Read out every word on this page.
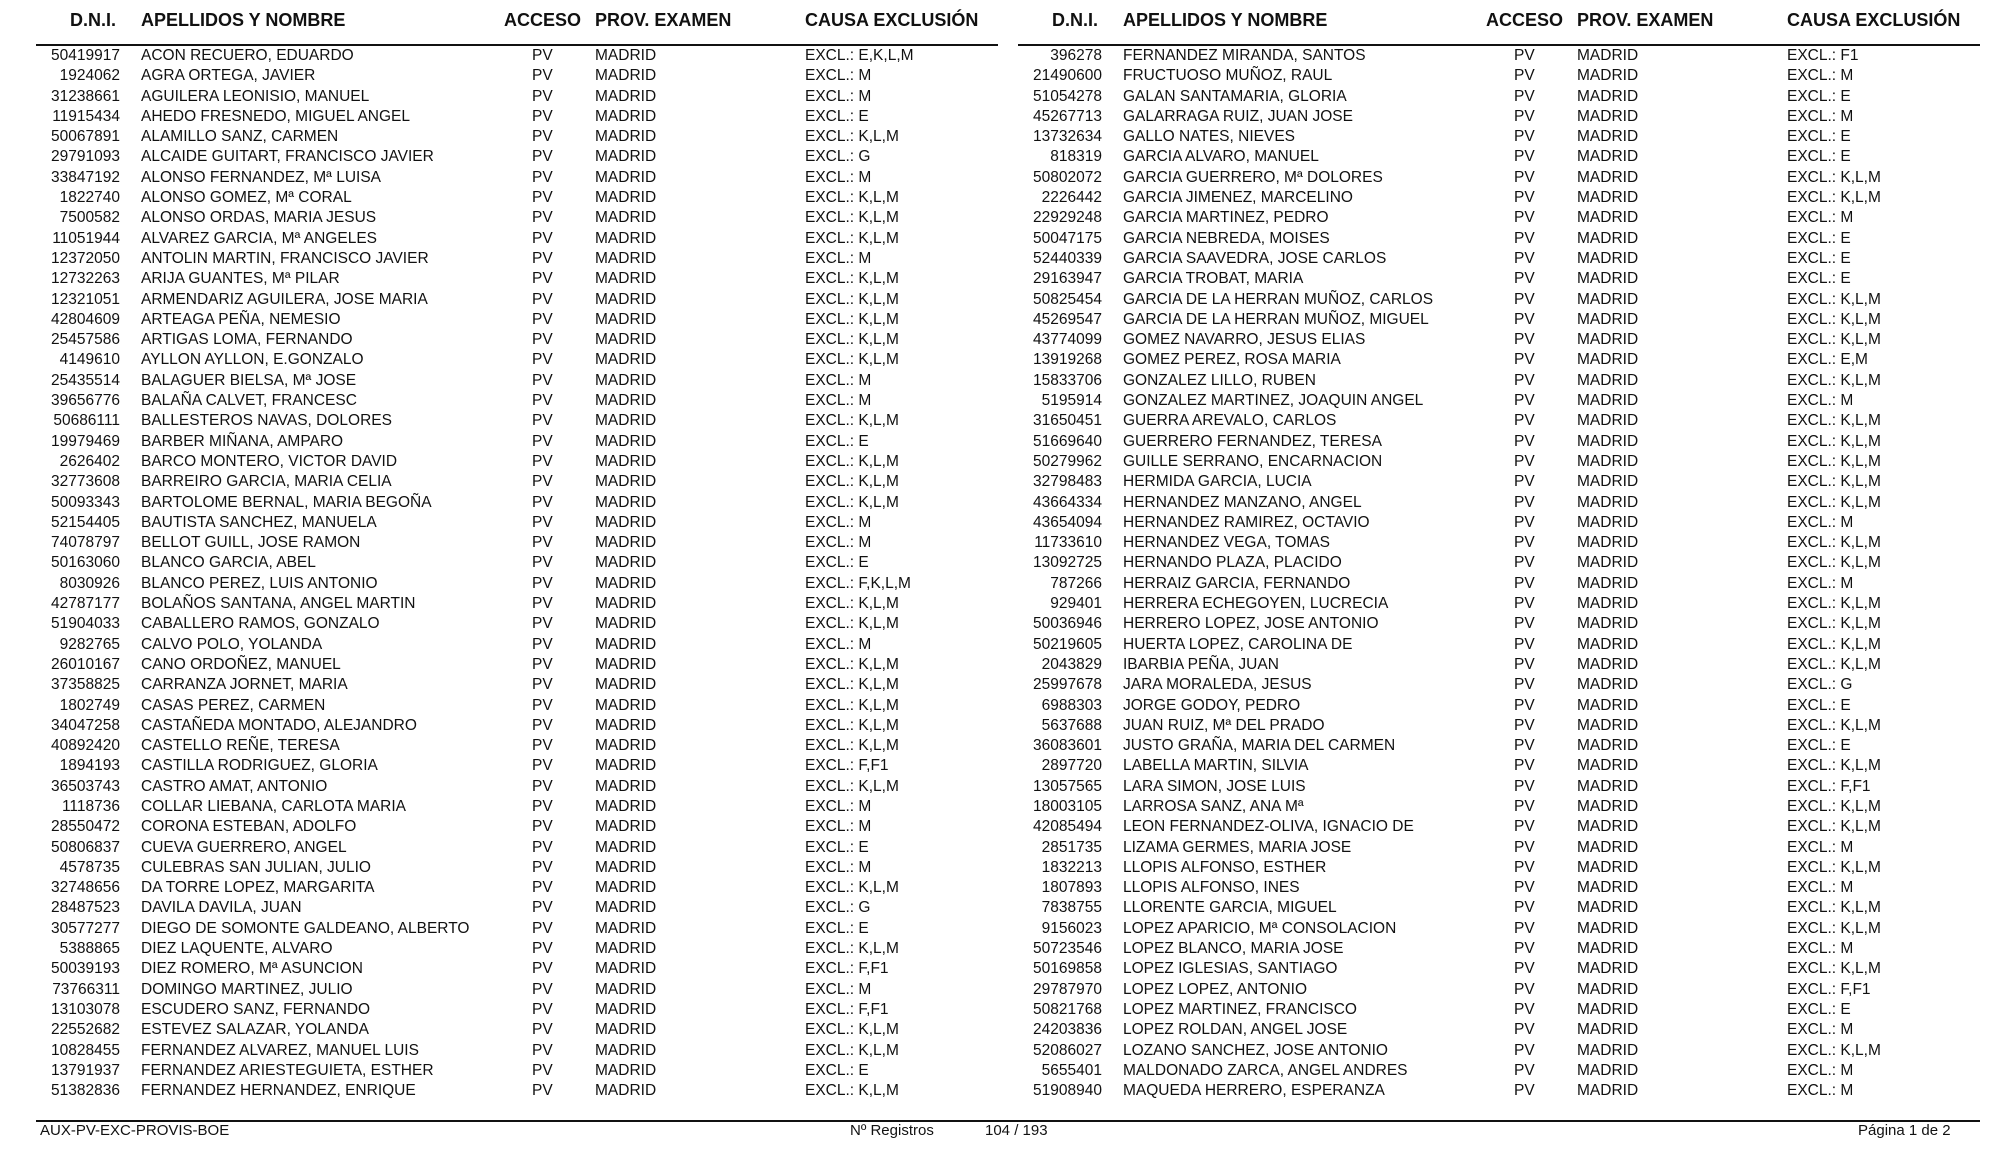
D.N.I. APELLIDOS Y NOMBRE	ACCESO PROV. EXAMEN	CAUSA EXCLUSIÓN
50419917 ACON RECUERO, EDUARDO	PV	MADRID	EXCL.: E,K,L,M
1924062 AGRA ORTEGA, JAVIER	PV	MADRID	EXCL.: M
31238661 AGUILERA LEONISIO, MANUEL	PV	MADRID	EXCL.: M
11915434 AHEDO FRESNEDO, MIGUEL ANGEL	PV	MADRID	EXCL.: E
50067891 ALAMILLO SANZ, CARMEN	PV	MADRID	EXCL.: K,L,M
29791093 ALCAIDE GUITART, FRANCISCO JAVIER	PV	MADRID	EXCL.: G
33847192 ALONSO FERNANDEZ, Mª LUISA	PV	MADRID	EXCL.: M
1822740 ALONSO GOMEZ, Mª CORAL	PV	MADRID	EXCL.: K,L,M
7500582 ALONSO ORDAS, MARIA JESUS	PV	MADRID	EXCL.: K,L,M
11051944 ALVAREZ GARCIA, Mª ANGELES	PV	MADRID	EXCL.: K,L,M
12372050 ANTOLIN MARTIN, FRANCISCO JAVIER	PV	MADRID	EXCL.: M
12732263 ARIJA GUANTES, Mª PILAR	PV	MADRID	EXCL.: K,L,M
12321051 ARMENDARIZ AGUILERA, JOSE MARIA	PV	MADRID	EXCL.: K,L,M
42804609 ARTEAGA PEÑA, NEMESIO	PV	MADRID	EXCL.: K,L,M
25457586 ARTIGAS LOMA, FERNANDO	PV	MADRID	EXCL.: K,L,M
4149610 AYLLON AYLLON, E.GONZALO	PV	MADRID	EXCL.: K,L,M
25435514 BALAGUER BIELSA, Mª JOSE	PV	MADRID	EXCL.: M
39656776 BALAÑA CALVET, FRANCESC	PV	MADRID	EXCL.: M
50686111 BALLESTEROS NAVAS, DOLORES	PV	MADRID	EXCL.: K,L,M
19979469 BARBER MIÑANA, AMPARO	PV	MADRID	EXCL.: E
2626402 BARCO MONTERO, VICTOR DAVID	PV	MADRID	EXCL.: K,L,M
32773608 BARREIRO GARCIA, MARIA CELIA	PV	MADRID	EXCL.: K,L,M
50093343 BARTOLOME BERNAL, MARIA BEGOÑA	PV	MADRID	EXCL.: K,L,M
52154405 BAUTISTA SANCHEZ, MANUELA	PV	MADRID	EXCL.: M
74078797 BELLOT GUILL, JOSE RAMON	PV	MADRID	EXCL.: M
50163060 BLANCO GARCIA, ABEL	PV	MADRID	EXCL.: E
8030926 BLANCO PEREZ, LUIS ANTONIO	PV	MADRID	EXCL.: F,K,L,M
42787177 BOLAÑOS SANTANA, ANGEL MARTIN	PV	MADRID	EXCL.: K,L,M
51904033 CABALLERO RAMOS, GONZALO	PV	MADRID	EXCL.: K,L,M
9282765 CALVO POLO, YOLANDA	PV	MADRID	EXCL.: M
26010167 CANO ORDOÑEZ, MANUEL	PV	MADRID	EXCL.: K,L,M
37358825 CARRANZA JORNET, MARIA	PV	MADRID	EXCL.: K,L,M
1802749 CASAS PEREZ, CARMEN	PV	MADRID	EXCL.: K,L,M
34047258 CASTAÑEDA MONTADO, ALEJANDRO	PV	MADRID	EXCL.: K,L,M
40892420 CASTELLO REÑE, TERESA	PV	MADRID	EXCL.: K,L,M
1894193 CASTILLA RODRIGUEZ, GLORIA	PV	MADRID	EXCL.: F,F1
36503743 CASTRO AMAT, ANTONIO	PV	MADRID	EXCL.: K,L,M
1118736 COLLAR LIEBANA, CARLOTA MARIA	PV	MADRID	EXCL.: M
28550472 CORONA ESTEBAN, ADOLFO	PV	MADRID	EXCL.: M
50806837 CUEVA GUERRERO, ANGEL	PV	MADRID	EXCL.: E
4578735 CULEBRAS SAN JULIAN, JULIO	PV	MADRID	EXCL.: M
32748656 DA TORRE LOPEZ, MARGARITA	PV	MADRID	EXCL.: K,L,M
28487523 DAVILA DAVILA, JUAN	PV	MADRID	EXCL.: G
30577277 DIEGO DE SOMONTE GALDEANO, ALBERTO	PV	MADRID	EXCL.: E
5388865 DIEZ LAQUENTE, ALVARO	PV	MADRID	EXCL.: K,L,M
50039193 DIEZ ROMERO, Mª ASUNCION	PV	MADRID	EXCL.: F,F1
73766311 DOMINGO MARTINEZ, JULIO	PV	MADRID	EXCL.: M
13103078 ESCUDERO SANZ, FERNANDO	PV	MADRID	EXCL.: F,F1
22552682 ESTEVEZ SALAZAR, YOLANDA	PV	MADRID	EXCL.: K,L,M
10828455 FERNANDEZ ALVAREZ, MANUEL LUIS	PV	MADRID	EXCL.: K,L,M
13791937 FERNANDEZ ARIESTEGUIETA, ESTHER	PV	MADRID	EXCL.: E
51382836 FERNANDEZ HERNANDEZ, ENRIQUE	PV	MADRID	EXCL.: K,L,M
D.N.I. APELLIDOS Y NOMBRE	ACCESO PROV. EXAMEN	CAUSA EXCLUSIÓN
396278 FERNANDEZ MIRANDA, SANTOS	PV	MADRID	EXCL.: F1
21490600 FRUCTUOSO MUÑOZ, RAUL	PV	MADRID	EXCL.: M
51054278 GALAN SANTAMARIA, GLORIA	PV	MADRID	EXCL.: E
45267713 GALARRAGA RUIZ, JUAN JOSE	PV	MADRID	EXCL.: M
13732634 GALLO NATES, NIEVES	PV	MADRID	EXCL.: E
818319 GARCIA ALVARO, MANUEL	PV	MADRID	EXCL.: E
50802072 GARCIA GUERRERO, Mª DOLORES	PV	MADRID	EXCL.: K,L,M
2226442 GARCIA JIMENEZ, MARCELINO	PV	MADRID	EXCL.: K,L,M
22929248 GARCIA MARTINEZ, PEDRO	PV	MADRID	EXCL.: M
50047175 GARCIA NEBREDA, MOISES	PV	MADRID	EXCL.: E
52440339 GARCIA SAAVEDRA, JOSE CARLOS	PV	MADRID	EXCL.: E
29163947 GARCIA TROBAT, MARIA	PV	MADRID	EXCL.: E
50825454 GARCIA DE LA HERRAN MUÑOZ, CARLOS	PV	MADRID	EXCL.: K,L,M
45269547 GARCIA DE LA HERRAN MUÑOZ, MIGUEL	PV	MADRID	EXCL.: K,L,M
43774099 GOMEZ NAVARRO, JESUS ELIAS	PV	MADRID	EXCL.: K,L,M
13919268 GOMEZ PEREZ, ROSA MARIA	PV	MADRID	EXCL.: E,M
15833706 GONZALEZ LILLO, RUBEN	PV	MADRID	EXCL.: K,L,M
5195914 GONZALEZ MARTINEZ, JOAQUIN ANGEL	PV	MADRID	EXCL.: M
31650451 GUERRA AREVALO, CARLOS	PV	MADRID	EXCL.: K,L,M
51669640 GUERRERO FERNANDEZ, TERESA	PV	MADRID	EXCL.: K,L,M
50279962 GUILLE SERRANO, ENCARNACION	PV	MADRID	EXCL.: K,L,M
32798483 HERMIDA GARCIA, LUCIA	PV	MADRID	EXCL.: K,L,M
43664334 HERNANDEZ MANZANO, ANGEL	PV	MADRID	EXCL.: K,L,M
43654094 HERNANDEZ RAMIREZ, OCTAVIO	PV	MADRID	EXCL.: M
11733610 HERNANDEZ VEGA, TOMAS	PV	MADRID	EXCL.: K,L,M
13092725 HERNANDO PLAZA, PLACIDO	PV	MADRID	EXCL.: K,L,M
787266 HERRAIZ GARCIA, FERNANDO	PV	MADRID	EXCL.: M
929401 HERRERA ECHEGOYEN, LUCRECIA	PV	MADRID	EXCL.: K,L,M
50036946 HERRERO LOPEZ, JOSE ANTONIO	PV	MADRID	EXCL.: K,L,M
50219605 HUERTA LOPEZ, CAROLINA DE	PV	MADRID	EXCL.: K,L,M
2043829 IBARBIA PEÑA, JUAN	PV	MADRID	EXCL.: K,L,M
25997678 JARA MORALEDA, JESUS	PV	MADRID	EXCL.: G
6988303 JORGE GODOY, PEDRO	PV	MADRID	EXCL.: E
5637688 JUAN RUIZ, Mª DEL PRADO	PV	MADRID	EXCL.: K,L,M
36083601 JUSTO GRAÑA, MARIA DEL CARMEN	PV	MADRID	EXCL.: E
2897720 LABELLA MARTIN, SILVIA	PV	MADRID	EXCL.: K,L,M
13057565 LARA SIMON, JOSE LUIS	PV	MADRID	EXCL.: F,F1
18003105 LARROSA SANZ, ANA Mª	PV	MADRID	EXCL.: K,L,M
42085494 LEON FERNANDEZ-OLIVA, IGNACIO DE	PV	MADRID	EXCL.: K,L,M
2851735 LIZAMA GERMES, MARIA JOSE	PV	MADRID	EXCL.: M
1832213 LLOPIS ALFONSO, ESTHER	PV	MADRID	EXCL.: K,L,M
1807893 LLOPIS ALFONSO, INES	PV	MADRID	EXCL.: M
7838755 LLORENTE GARCIA, MIGUEL	PV	MADRID	EXCL.: K,L,M
9156023 LOPEZ APARICIO, Mª CONSOLACION	PV	MADRID	EXCL.: K,L,M
50723546 LOPEZ BLANCO, MARIA JOSE	PV	MADRID	EXCL.: M
50169858 LOPEZ IGLESIAS, SANTIAGO	PV	MADRID	EXCL.: K,L,M
29787970 LOPEZ LOPEZ, ANTONIO	PV	MADRID	EXCL.: F,F1
50821768 LOPEZ MARTINEZ, FRANCISCO	PV	MADRID	EXCL.: E
24203836 LOPEZ ROLDAN, ANGEL JOSE	PV	MADRID	EXCL.: M
52086027 LOZANO SANCHEZ, JOSE ANTONIO	PV	MADRID	EXCL.: K,L,M
5655401 MALDONADO ZARCA, ANGEL ANDRES	PV	MADRID	EXCL.: M
51908940 MAQUEDA HERRERO, ESPERANZA	PV	MADRID	EXCL.: M
AUX-PV-EXC-PROVIS-BOE	Nº Registros	104 / 193	Página 1 de 2
